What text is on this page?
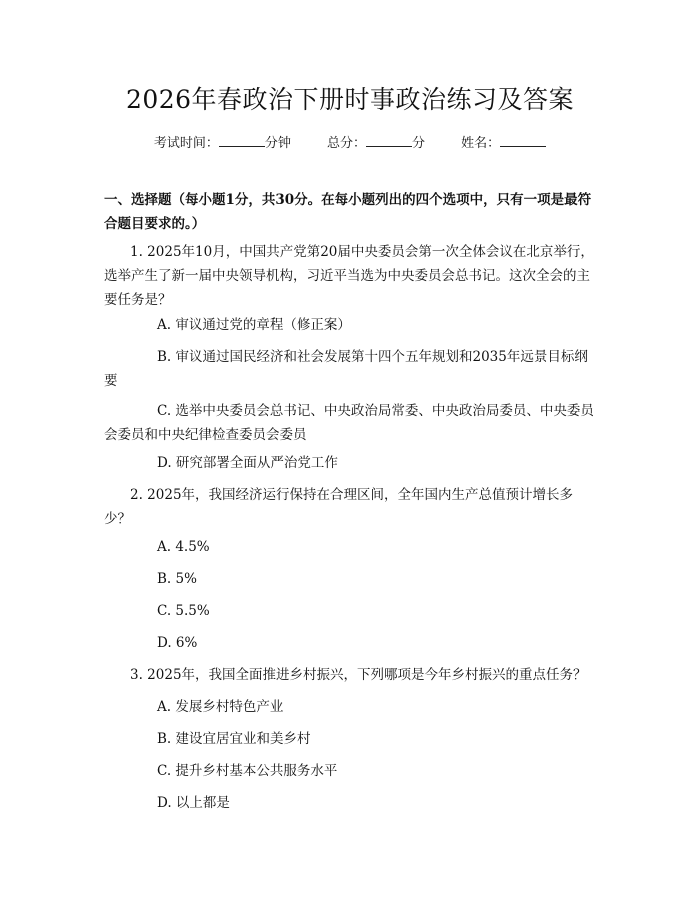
2026年春政治下册时事政治练习及答案
考试时间：	分钟	总分：	分	姓名：

一、选择题（每小题1分，共30分。在每小题列出的四个选项中，只有一项是最符合题目要求的。）

1. 2025年10月，中国共产党第20届中央委员会第一次全体会议在北京举行，选举产生了新一届中央领导机构，习近平当选为中央委员会总书记。这次全会的主要任务是？

A. 审议通过党的章程（修正案）

B. 审议通过国民经济和社会发展第十四个五年规划和2035年远景目标纲要

C. 选举中央委员会总书记、中央政治局常委、中央政治局委员、中央委员会委员和中央纪律检查委员会委员

D. 研究部署全面从严治党工作

2. 2025年，我国经济运行保持在合理区间，全年国内生产总值预计增长多少？

A. 4.5%

B. 5%

C. 5.5%

D. 6%

3. 2025年，我国全面推进乡村振兴，下列哪项是今年乡村振兴的重点任务？

A. 发展乡村特色产业

B. 建设宜居宜业和美乡村

C. 提升乡村基本公共服务水平

D. 以上都是
